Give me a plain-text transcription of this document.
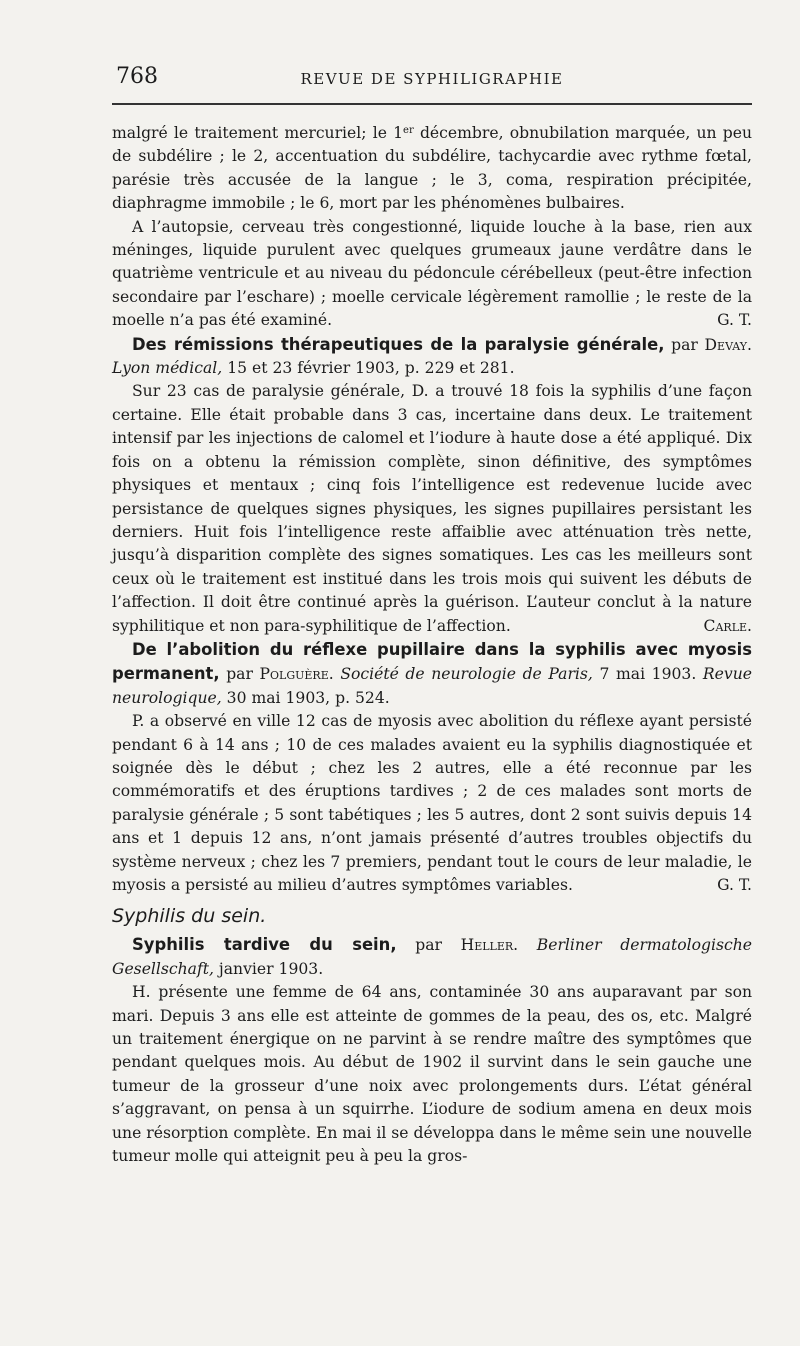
768	REVUE DE SYPHILIGRAPHIE

malgré le traitement mercuriel; le 1er décembre, obnubilation marquée, un peu de subdélire ; le 2, accentuation du subdélire, tachycardie avec rythme fœtal, parésie très accusée de la langue ; le 3, coma, respiration précipitée, diaphragme immobile ; le 6, mort par les phénomènes bulbaires.

A l’autopsie, cerveau très congestionné, liquide louche à la base, rien aux méninges, liquide purulent avec quelques grumeaux jaune verdâtre dans le quatrième ventricule et au niveau du pédoncule cérébelleux (peut-être infection secondaire par l’eschare) ; moelle cervicale légèrement ramollie ; le reste de la moelle n’a pas été examiné.	G. T.

Des rémissions thérapeutiques de la paralysie générale, par Devay. Lyon médical, 15 et 23 février 1903, p. 229 et 281.

Sur 23 cas de paralysie générale, D. a trouvé 18 fois la syphilis d’une façon certaine. Elle était probable dans 3 cas, incertaine dans deux. Le traitement intensif par les injections de calomel et l’iodure à haute dose a été appliqué. Dix fois on a obtenu la rémission complète, sinon définitive, des symptômes physiques et mentaux ; cinq fois l’intelligence est redevenue lucide avec persistance de quelques signes physiques, les signes pupillaires persistant les derniers. Huit fois l’intelligence reste affaiblie avec atténuation très nette, jusqu’à disparition complète des signes somatiques. Les cas les meilleurs sont ceux où le traitement est institué dans les trois mois qui suivent les débuts de l’affection. Il doit être continué après la guérison. L’auteur conclut à la nature syphilitique et non para-syphilitique de l’affection.	Carle.

De l’abolition du réflexe pupillaire dans la syphilis avec myosis permanent, par Polguère. Société de neurologie de Paris, 7 mai 1903. Revue neurologique, 30 mai 1903, p. 524.

P. a observé en ville 12 cas de myosis avec abolition du réflexe ayant persisté pendant 6 à 14 ans ; 10 de ces malades avaient eu la syphilis diagnostiquée et soignée dès le début ; chez les 2 autres, elle a été reconnue par les commémoratifs et des éruptions tardives ; 2 de ces malades sont morts de paralysie générale ; 5 sont tabétiques ; les 5 autres, dont 2 sont suivis depuis 14 ans et 1 depuis 12 ans, n’ont jamais présenté d’autres troubles objectifs du système nerveux ; chez les 7 premiers, pendant tout le cours de leur maladie, le myosis a persisté au milieu d’autres symptômes variables.	G. T.

Syphilis du sein.

Syphilis tardive du sein, par Heller. Berliner dermatologische Gesellschaft, janvier 1903.

H. présente une femme de 64 ans, contaminée 30 ans auparavant par son mari. Depuis 3 ans elle est atteinte de gommes de la peau, des os, etc. Malgré un traitement énergique on ne parvint à se rendre maître des symptômes que pendant quelques mois. Au début de 1902 il survint dans le sein gauche une tumeur de la grosseur d’une noix avec prolongements durs. L’état général s’aggravant, on pensa à un squirrhe. L’iodure de sodium amena en deux mois une résorption complète. En mai il se développa dans le même sein une nouvelle tumeur molle qui atteignit peu à peu la gros-
